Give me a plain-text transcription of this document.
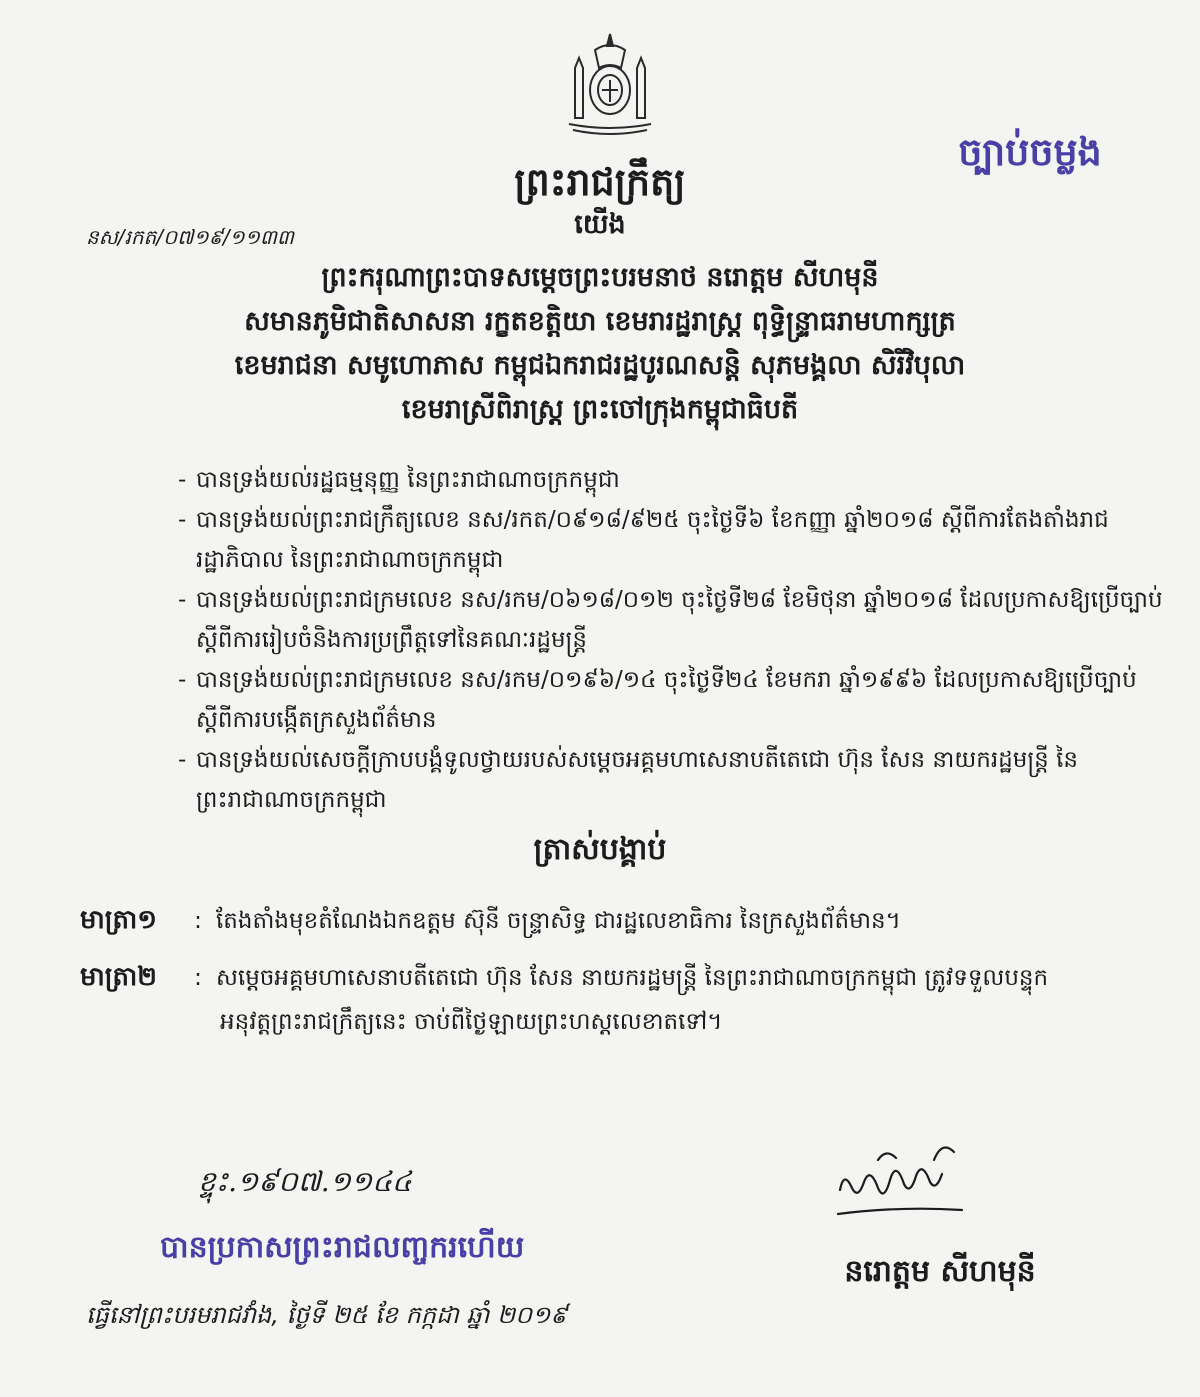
ច្បាប់ចម្លង
ព្រះរាជក្រឹត្យ
យើង
នស/រកត/០៧១៩/១១៣៣
ព្រះករុណាព្រះបាទសម្តេចព្រះបរមនាថ នរោត្តម សីហមុនី
សមានភូមិជាតិសាសនា រក្ខតខត្តិយា ខេមរារដ្ឋរាស្ត្រ ពុទ្ធិន្ទ្រាធរាមហាក្សត្រ
ខេមរាជនា សមូហោភាស កម្ពុជឯករាជរដ្ឋបូរណសន្តិ សុភមង្គលា សិរីវិបុលា
ខេមរាស្រីពិរាស្ត្រ ព្រះចៅក្រុងកម្ពុជាធិបតី
- បានទ្រង់យល់រដ្ឋធម្មនុញ្ញ នៃព្រះរាជាណាចក្រកម្ពុជា
- បានទ្រង់យល់ព្រះរាជក្រឹត្យលេខ នស/រកត/០៩១៨/៩២៥ ចុះថ្ងៃទី៦ ខែកញ្ញា ឆ្នាំ២០១៨ ស្តីពីការតែងតាំងរាជរដ្ឋាភិបាល នៃព្រះរាជាណាចក្រកម្ពុជា
- បានទ្រង់យល់ព្រះរាជក្រមលេខ នស/រកម/០៦១៨/០១២ ចុះថ្ងៃទី២៨ ខែមិថុនា ឆ្នាំ២០១៨ ដែលប្រកាសឱ្យប្រើច្បាប់ស្តីពីការរៀបចំនិងការប្រព្រឹត្តទៅនៃគណៈរដ្ឋមន្ត្រី
- បានទ្រង់យល់ព្រះរាជក្រមលេខ នស/រកម/០១៩៦/១៤ ចុះថ្ងៃទី២៤ ខែមករា ឆ្នាំ១៩៩៦ ដែលប្រកាសឱ្យប្រើច្បាប់ស្តីពីការបង្កើតក្រសួងព័ត៌មាន
- បានទ្រង់យល់សេចក្តីក្រាបបង្គំទូលថ្វាយរបស់សម្តេចអគ្គមហាសេនាបតីតេជោ ហ៊ុន សែន នាយករដ្ឋមន្ត្រី នៃព្រះរាជាណាចក្រកម្ពុជា
ត្រាស់បង្គាប់
មាត្រា១ : តែងតាំងមុខតំណែងឯកឧត្តម ស៊ុនី ចន្ទ្រាសិទ្ធ ជារដ្ឋលេខាធិការ នៃក្រសួងព័ត៌មាន។
មាត្រា២ : សម្តេចអគ្គមហាសេនាបតីតេជោ ហ៊ុន សែន នាយករដ្ឋមន្ត្រី នៃព្រះរាជាណាចក្រកម្ពុជា ត្រូវទទួលបន្ទុក
អនុវត្តព្រះរាជក្រឹត្យនេះ ចាប់ពីថ្ងៃឡាយព្រះហស្តលេខាតទៅ។
ខ្ទុះ.១៩០៧.១១៤៤
បានប្រកាសព្រះរាជលញ្ចករហើយ
ធ្វើនៅព្រះបរមរាជវាំង, ថ្ងៃទី ២៥ ខែ កក្កដា ឆ្នាំ ២០១៩
នរោត្តម សីហមុនី
